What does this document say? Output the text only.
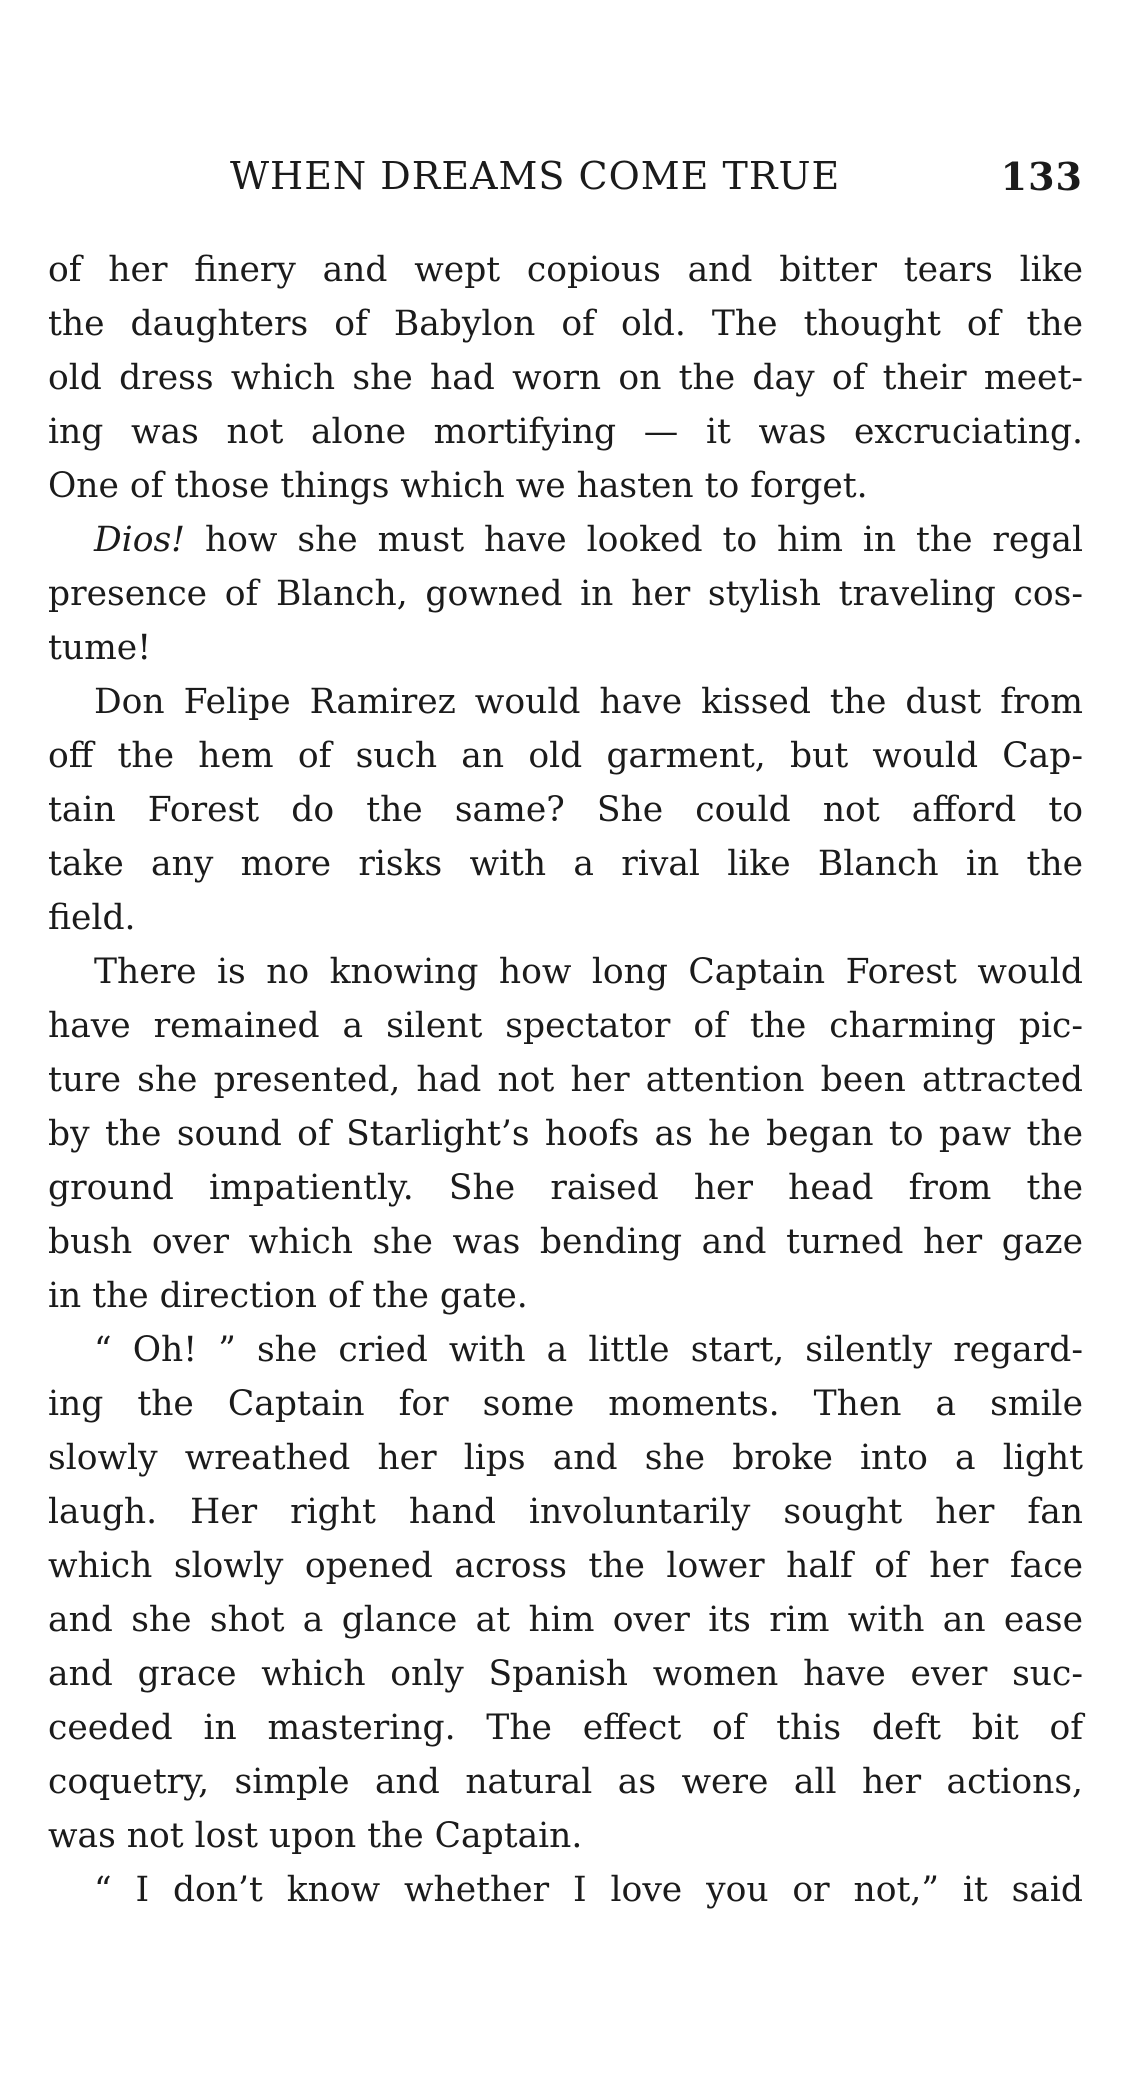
WHEN DREAMS COME TRUE	133
of her finery and wept copious and bitter tears like
the daughters of Babylon of old. The thought of the
old dress which she had worn on the day of their meet-
ing was not alone mortifying — it was excruciating.
One of those things which we hasten to forget.
Dios! how she must have looked to him in the regal
presence of Blanch, gowned in her stylish traveling cos-
tume!
Don Felipe Ramirez would have kissed the dust from
off the hem of such an old garment, but would Cap-
tain Forest do the same? She could not afford to
take any more risks with a rival like Blanch in the
field.
There is no knowing how long Captain Forest would
have remained a silent spectator of the charming pic-
ture she presented, had not her attention been attracted
by the sound of Starlight’s hoofs as he began to paw the
ground impatiently. She raised her head from the
bush over which she was bending and turned her gaze
in the direction of the gate.
“ Oh! ” she cried with a little start, silently regard-
ing the Captain for some moments. Then a smile
slowly wreathed her lips and she broke into a light
laugh. Her right hand involuntarily sought her fan
which slowly opened across the lower half of her face
and she shot a glance at him over its rim with an ease
and grace which only Spanish women have ever suc-
ceeded in mastering. The effect of this deft bit of
coquetry, simple and natural as were all her actions,
was not lost upon the Captain.
“ I don’t know whether I love you or not,” it said
